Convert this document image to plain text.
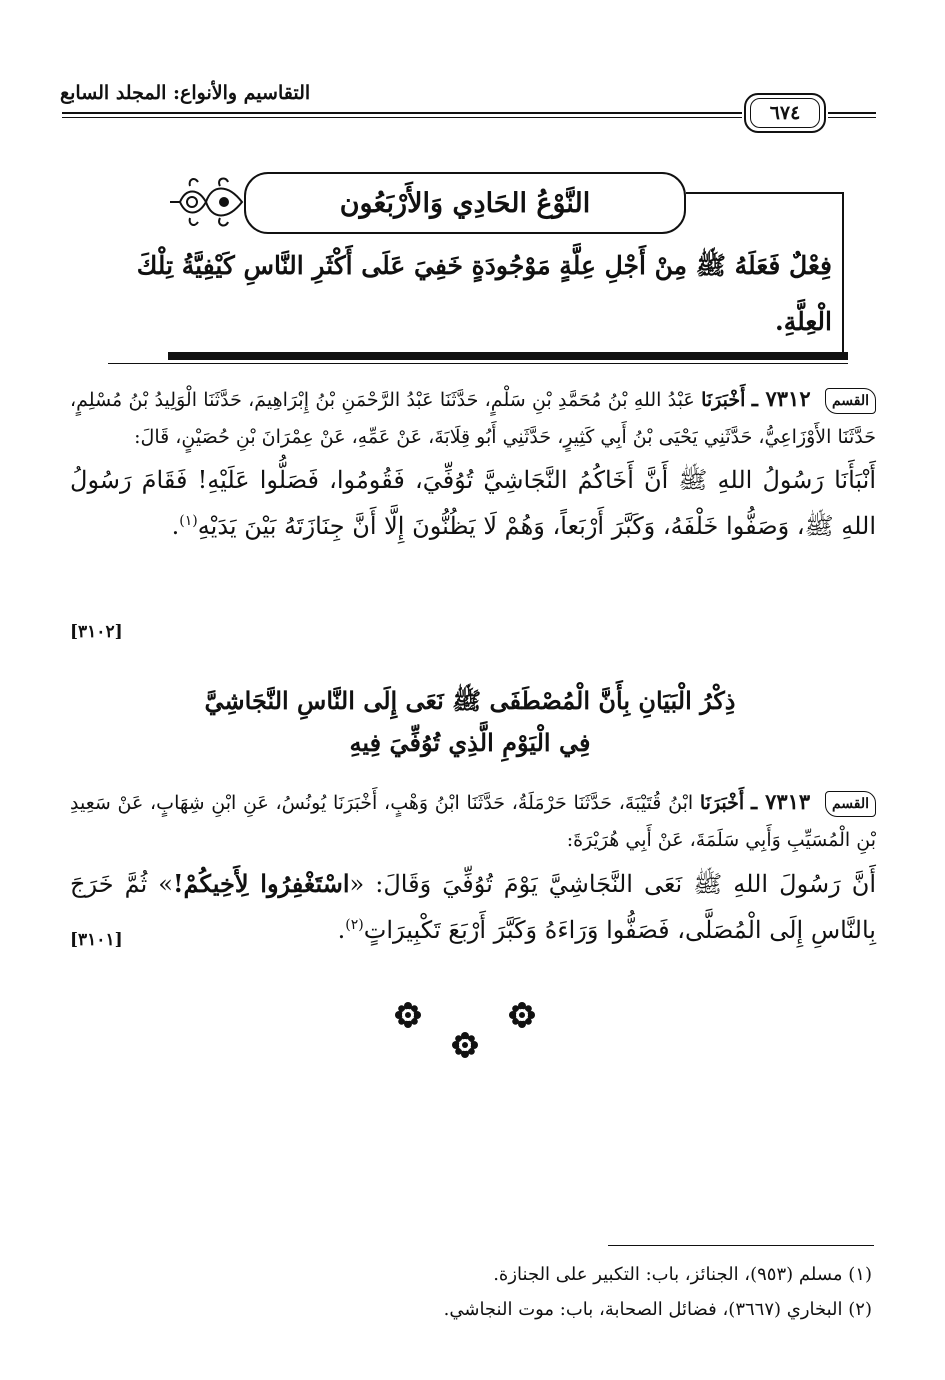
التقاسيم والأنواع: المجلد السابع
٦٧٤
النَّوْعُ الحَادِي وَالأَرْبَعُون
فِعْلٌ فَعَلَهُ ﷺ مِنْ أَجْلِ عِلَّةٍ مَوْجُودَةٍ خَفِيَ عَلَى أَكْثَرِ النَّاسِ كَيْفِيَّةُ تِلْكَ الْعِلَّةِ.
القسم ٧٣١٢ ـ أَخْبَرَنَا عَبْدُ اللهِ بْنُ مُحَمَّدِ بْنِ سَلْمٍ، حَدَّثَنَا عَبْدُ الرَّحْمَنِ بْنُ إِبْرَاهِيمَ، حَدَّثَنَا الْوَلِيدُ بْنُ مُسْلِمٍ، حَدَّثَنَا الأَوْزَاعِيُّ، حَدَّثَنِي يَحْيَى بْنُ أَبِي كَثِيرٍ، حَدَّثَنِي أَبُو قِلَابَةَ، عَنْ عَمِّهِ، عَنْ عِمْرَانَ بْنِ حُصَيْنٍ، قَالَ:
أَنْبَأَنَا رَسُولُ اللهِ ﷺ أَنَّ أَخَاكُمُ النَّجَاشِيَّ تُوُفِّيَ، فَقُومُوا، فَصَلُّوا عَلَيْهِ! فَقَامَ رَسُولُ اللهِ ﷺ، وَصَفُّوا خَلْفَهُ، وَكَبَّرَ أَرْبَعاً، وَهُمْ لَا يَظُنُّونَ إِلَّا أَنَّ جِنَازَتَهُ بَيْنَ يَدَيْهِ$^{(١)}$.
[٣١٠٢]
ذِكْرُ الْبَيَانِ بِأَنَّ الْمُصْطَفَى ﷺ نَعَى إِلَى النَّاسِ النَّجَاشِيَّ
فِي الْيَوْمِ الَّذِي تُوُفِّيَ فِيهِ
القسم ٧٣١٣ ـ أَخْبَرَنَا ابْنُ قُتَيْبَةَ، حَدَّثَنَا حَرْمَلَةُ، حَدَّثَنَا ابْنُ وَهْبٍ، أَخْبَرَنَا يُونُسُ، عَنِ ابْنِ شِهَابٍ، عَنْ سَعِيدِ بْنِ الْمُسَيِّبِ وَأَبِي سَلَمَةَ، عَنْ أَبِي هُرَيْرَةَ:
أَنَّ رَسُولَ اللهِ ﷺ نَعَى النَّجَاشِيَّ يَوْمَ تُوُفِّيَ وَقَالَ: «اسْتَغْفِرُوا لِأَخِيكُمْ!» ثُمَّ خَرَجَ بِالنَّاسِ إِلَى الْمُصَلَّى، فَصَفُّوا وَرَاءَهُ وَكَبَّرَ أَرْبَعَ تَكْبِيرَاتٍ$^{(٢)}$.
[٣١٠١]
(١) مسلم (٩٥٣)، الجنائز، باب: التكبير على الجنازة.
(٢) البخاري (٣٦٦٧)، فضائل الصحابة، باب: موت النجاشي.
